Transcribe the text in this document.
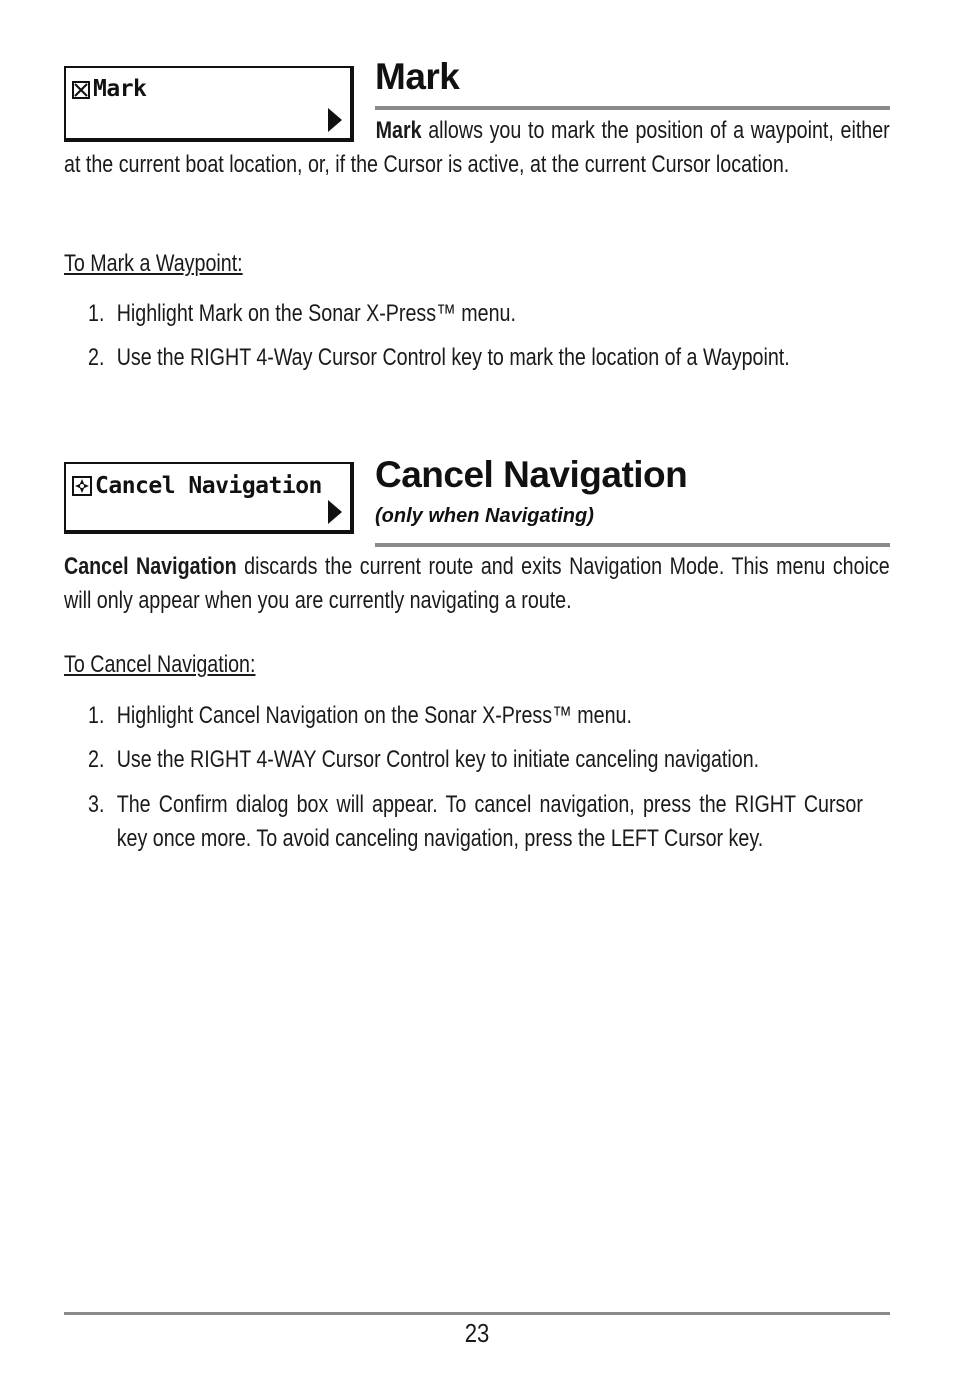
Mark	Mark
Mark allows you to mark the position of a waypoint, either at the current boat location, or, if the Cursor is active, at the current Cursor location.
To Mark a Waypoint:
1. Highlight Mark on the Sonar X-Press™ menu.
2. Use the RIGHT 4-Way Cursor Control key to mark the location of a Waypoint.
Cancel Navigation Cancel Navigation
(only when Navigating)
Cancel Navigation discards the current route and exits Navigation Mode. This menu choice will only appear when you are currently navigating a route.
To Cancel Navigation:
1. Highlight Cancel Navigation on the Sonar X-Press™ menu.
2. Use the RIGHT 4-WAY Cursor Control key to initiate canceling navigation.
3. The Confirm dialog box will appear. To cancel navigation, press the RIGHT Cursor key once more. To avoid canceling navigation, press the LEFT Cursor key.
23
